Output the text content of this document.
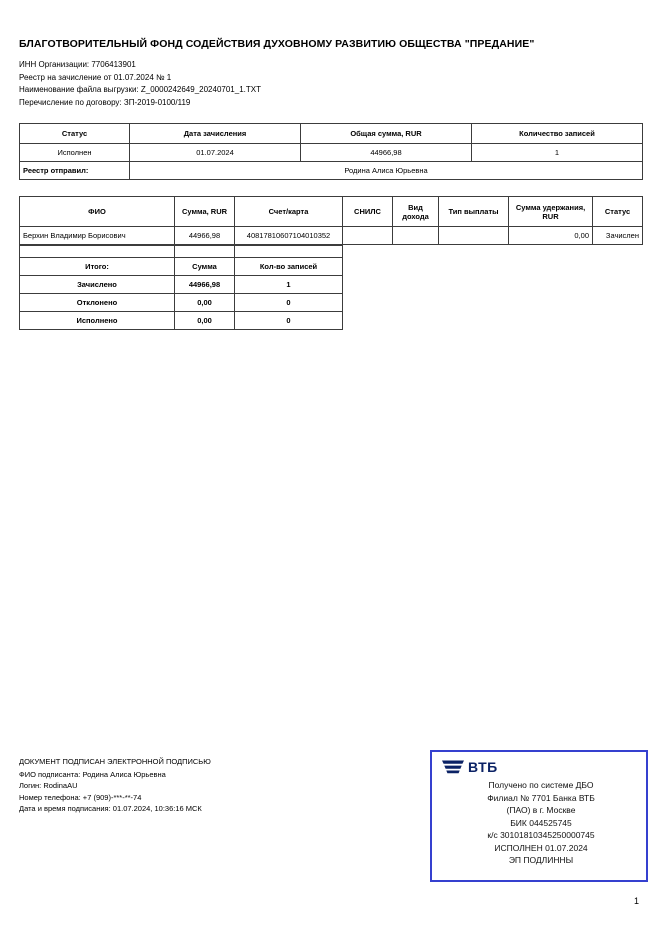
БЛАГОТВОРИТЕЛЬНЫЙ ФОНД СОДЕЙСТВИЯ ДУХОВНОМУ РАЗВИТИЮ ОБЩЕСТВА "ПРЕДАНИЕ"
ИНН Организации: 7706413901
Реестр на зачисление от 01.07.2024 № 1
Наименование файла выгрузки: Z_0000242649_20240701_1.TXT
Перечисление по договору: ЗП-2019-0100/119
Статус	Дата зачисления	Общая сумма, RUR	Количество записей
Исполнен	01.07.2024	44966,98	1
Реестр отправил:	Родина Алиса Юрьевна		
ФИО	Сумма, RUR	Счет/карта	СНИЛС	Вид дохода	Тип выплаты	Сумма удержания, RUR	Статус
Берхин Владимир Борисович	44966,98	40817810607104010352				0,00	Зачислен

Итого:	Сумма	Кол-во записей
Зачислено	44966,98	1
Отклонено	0,00	0
Исполнено	0,00	0
ДОКУМЕНТ ПОДПИСАН ЭЛЕКТРОННОЙ ПОДПИСЬЮ
ФИО подписанта: Родина Алиса Юрьевна
Логин: RodinaAU
Номер телефона: +7 (909)-***-**-74
Дата и время подписания: 01.07.2024, 10:36:16 МСК
ВТБ
Получено по системе ДБО
Филиал № 7701 Банка ВТБ
(ПАО) в г. Москве
БИК 044525745
к/с 30101810345250000745
ИСПОЛНЕН 01.07.2024
ЭП ПОДЛИННЫ
1
